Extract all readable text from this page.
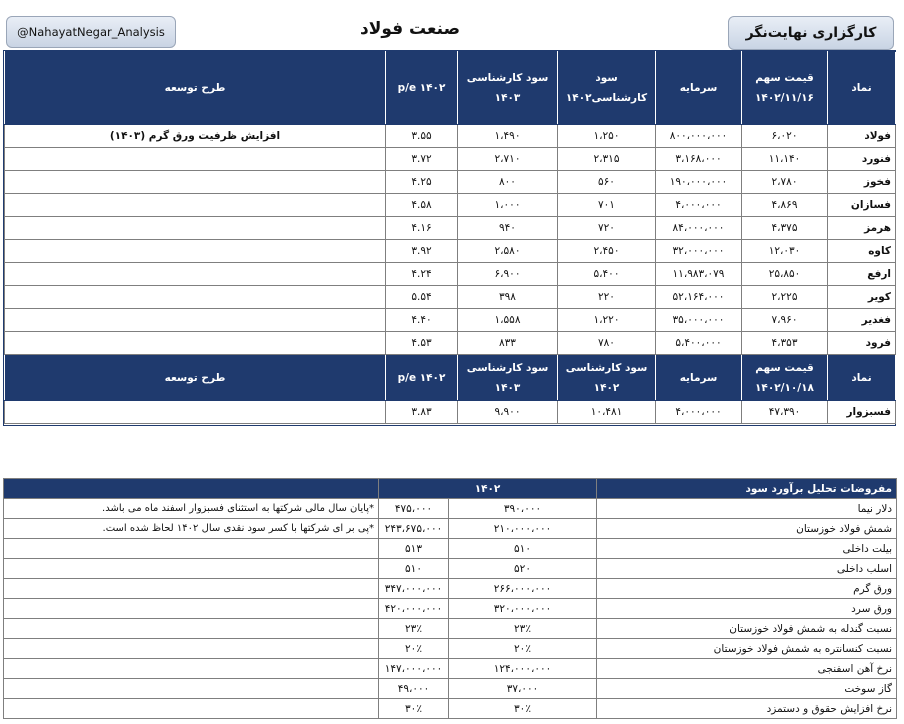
@NahayatNegar_Analysis	صنعت فولاد	کارگزاری نهایت‌نگر
نماد	قیمت سهم ۱۴۰۲/۱۱/۱۶	سرمایه	سود کارشناسی۱۴۰۲	سود کارشناسی ۱۴۰۳	p/e ۱۴۰۲	طرح توسعه
فولاد	۶،۰۲۰	۸۰۰،۰۰۰،۰۰۰	۱،۲۵۰	۱،۴۹۰	۳.۵۵	افزایش ظرفیت ورق گرم (۱۴۰۳)
فنورد	۱۱،۱۴۰	۳،۱۶۸،۰۰۰	۲،۳۱۵	۲،۷۱۰	۳.۷۲	
فخوز	۲،۷۸۰	۱۹۰،۰۰۰،۰۰۰	۵۶۰	۸۰۰	۴.۲۵	
فسازان	۴،۸۶۹	۴،۰۰۰،۰۰۰	۷۰۱	۱،۰۰۰	۴.۵۸	
هرمز	۴،۳۷۵	۸۴،۰۰۰،۰۰۰	۷۲۰	۹۴۰	۴.۱۶	
کاوه	۱۲،۰۳۰	۳۲،۰۰۰،۰۰۰	۲،۴۵۰	۲،۵۸۰	۳.۹۲	
ارفع	۲۵،۸۵۰	۱۱،۹۸۳،۰۷۹	۵،۴۰۰	۶،۹۰۰	۴.۲۴	
کویر	۲،۲۲۵	۵۲،۱۶۴،۰۰۰	۲۲۰	۳۹۸	۵.۵۴	
فغدیر	۷،۹۶۰	۳۵،۰۰۰،۰۰۰	۱،۲۲۰	۱،۵۵۸	۴.۴۰	
فرود	۴،۳۵۳	۵،۴۰۰،۰۰۰	۷۸۰	۸۳۳	۴.۵۳	
نماد	قیمت سهم ۱۴۰۲/۱۰/۱۸	سرمایه	سود کارشناسی ۱۴۰۲	سود کارشناسی ۱۴۰۳	p/e ۱۴۰۲	طرح توسعه
فسبزوار	۴۷،۳۹۰	۴،۰۰۰،۰۰۰	۱۰،۴۸۱	۹،۹۰۰	۳.۸۳	
مفروضات تحلیل برآورد سود	۱۴۰۲		
دلار نیما	۳۹۰،۰۰۰	۴۷۵،۰۰۰	*پایان سال مالی شرکتها به استثنای فسبزوار اسفند ماه می باشد.
شمش فولاد خوزستان	۲۱۰،۰۰۰،۰۰۰	۲۴۳،۶۷۵،۰۰۰	*پی بر ای شرکتها با کسر سود نقدی سال ۱۴۰۲ لحاظ شده است.
بیلت داخلی	۵۱۰	۵۱۳	
اسلب داخلی	۵۲۰	۵۱۰	
ورق گرم	۲۶۶،۰۰۰،۰۰۰	۳۴۷،۰۰۰،۰۰۰	
ورق سرد	۳۲۰،۰۰۰،۰۰۰	۴۲۰،۰۰۰،۰۰۰	
نسبت گندله به شمش فولاد خوزستان	۲۳٪	۲۳٪	
نسبت کنسانتره به شمش فولاد خوزستان	۲۰٪	۲۰٪	
نرخ آهن اسفنجی	۱۲۴،۰۰۰،۰۰۰	۱۴۷،۰۰۰،۰۰۰	
گاز سوخت	۳۷،۰۰۰	۴۹،۰۰۰	
نرخ افزایش حقوق و دستمزد	۳۰٪	۳۰٪	
